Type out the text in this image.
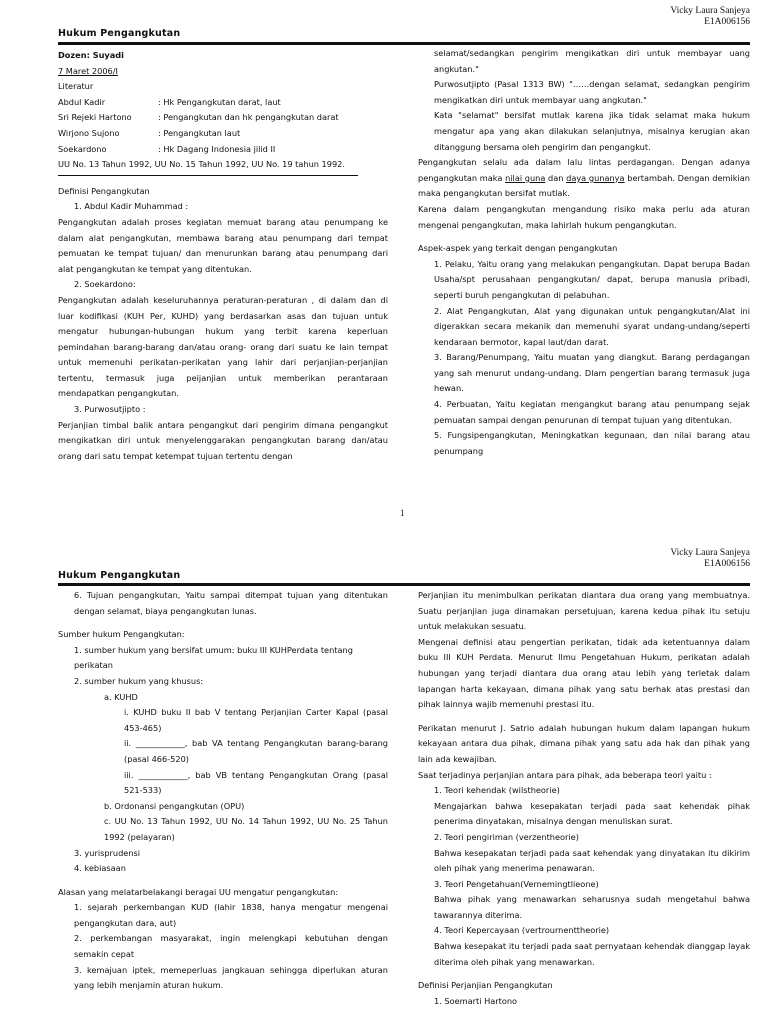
Vicky Laura Sanjeya
E1A006156
Hukum Pengangkutan

Dozen: Suyadi

7 Maret 2006/I

Literatur

Abdul Kadir	: Hk Pengangkutan darat, laut
Sri Rejeki Hartono	: Pengangkutan dan hk pengangkutan darat
Wirjono Sujono	: Pengangkutan laut
Soekardono	: Hk Dagang Indonesia jilid II

UU No. 13 Tahun 1992, UU No. 15 Tahun 1992, UU No. 19 tahun 1992.

Definisi Pengangkutan

1. Abdul Kadir Muhammad :

Pengangkutan adalah proses kegiatan memuat barang atau penumpang ke dalam alat pengangkutan, membawa barang atau penumpang dari tempat pemuatan ke tempat tujuan/ dan menurunkan barang atau penumpang dari alat pengangkutan ke tempat yang ditentukan.

2. Soekardono:

Pengangkutan adalah keseluruhannya peraturan-peraturan , di dalam dan di luar kodifikasi (KUH Per, KUHD) yang berdasarkan asas dan tujuan untuk mengatur hubungan-hubungan hukum yang terbit karena keperluan pemindahan barang-barang dan/atau orang- orang dari suatu ke lain tempat untuk memenuhi perikatan-perikatan yang lahir dari perjanjian-perjanjian tertentu, termasuk juga peijanjian untuk memberikan perantaraan mendapatkan pengangkutan.

3. Purwosutjipto :

Perjanjian timbal balik antara pengangkut dari pengirim dimana pengangkut mengikatkan diri untuk menyelenggarakan pengangkutan barang dan/atau orang dari satu tempat ketempat tujuan tertentu dengan

selamat/sedangkan pengirim mengikatkan diri untuk membayar uang angkutan."

Purwosutjipto (Pasal 1313 BW) "……dengan selamat, sedangkan pengirim mengikatkan diri untuk membayar uang angkutan."

Kata "selamat" bersifat mutlak karena jika tidak selamat maka hukum mengatur apa yang akan dilakukan selanjutnya, misalnya kerugian akan ditanggung bersama oleh pengirim dan pengangkut.

Pengangkutan selalu ada dalam lalu lintas perdagangan. Dengan adanya pengangkutan maka nilai guna dan daya gunanya bertambah. Dengan demikian maka pengangkutan bersifat mutlak.

Karena dalam pengangkutan mengandung risiko maka perlu ada aturan mengenai pengangkutan, maka lahirlah hukum pengangkutan.

Aspek-aspek yang terkait dengan pengangkutan

1. Pelaku, Yaitu orang yang melakukan pengangkutan. Dapat berupa Badan Usaha/spt perusahaan pengangkutan/ dapat, berupa manusia pribadi, seperti buruh pengangkutan di pelabuhan.

2. Alat Pengangkutan, Alat yang digunakan untuk pengangkutan/Alat ini digerakkan secara mekanik dan memenuhi syarat undang-undang/seperti kendaraan bermotor, kapal laut/dan darat.

3. Barang/Penumpang, Yaitu muatan yang diangkut. Barang perdagangan yang sah menurut undang-undang. Dlam pengertian barang termasuk juga hewan.

4. Perbuatan, Yaitu kegiatan mengangkut barang atau penumpang sejak pemuatan sampai dengan penurunan di tempat tujuan yang ditentukan.

5. Fungsipengangkutan, Meningkatkan kegunaan, dan nilai barang atau penumpang

1
Vicky Laura Sanjeya
E1A006156
Hukum Pengangkutan

6. Tujuan pengangkutan, Yaitu sampai ditempat tujuan yang ditentukan dengan selamat, biaya pengangkutan lunas.

Sumber hukum Pengangkutan:

1. sumber hukum yang bersifat umum: buku III KUHPerdata tentang perikatan

2. sumber hukum yang khusus:

a. KUHD

i. KUHD buku II bab V tentang Perjanjian Carter Kapal (pasal 453-465)

ii. ____________, bab VA tentang Pengangkutan barang-barang (pasal 466-520)

iii. ____________, bab VB tentang Pengangkutan Orang (pasal 521-533)

b. Ordonansi pengangkutan (OPU)

c. UU No. 13 Tahun 1992, UU No. 14 Tahun 1992, UU No. 25 Tahun 1992 (pelayaran)

3. yurisprudensi

4. kebiasaan

Alasan yang melatarbelakangi beragai UU mengatur pengangkutan:

1. sejarah perkembangan KUD (lahir 1838, hanya mengatur mengenai pengangkutan dara, aut)

2. perkembangan masyarakat, ingin melengkapi kebutuhan dengan semakin cepat

3. kemajuan iptek, memeperluas jangkauan sehingga diperlukan aturan yang lebih menjamin aturan hukum.

Perjanjian itu menimbulkan perikatan diantara dua orang yang membuatnya. Suatu perjanjian juga dinamakan persetujuan, karena kedua pihak itu setuju untuk melakukan sesuatu.

Mengenai definisi atau pengertian perikatan, tidak ada ketentuannya dalam buku III KUH Perdata. Menurut Ilmu Pengetahuan Hukum, perikatan adalah hubungan yang terjadi diantara dua orang atau lebih yang terletak dalam lapangan harta kekayaan, dimana pihak yang satu berhak atas prestasi dan pihak lainnya wajib memenuhi prestasi itu.

Perikatan menurut J. Satrio adalah hubungan hukum dalam lapangan hukum kekayaan antara dua pihak, dimana pihak yang satu ada hak dan pihak yang lain ada kewajiban.

Saat terjadinya perjanjian antara para pihak, ada beberapa teori yaitu :

1. Teori kehendak (wilstheorie)

Mengajarkan bahwa kesepakatan terjadi pada saat kehendak pihak penerima dinyatakan, misalnya dengan menuliskan surat.

2. Teori pengiriman (verzentheorie)

Bahwa kesepakatan terjadi pada saat kehendak yang dinyatakan itu dikirim oleh pihak yang menerima penawaran.

3. Teori Pengetahuan(Vernemingtlieone)

Bahwa pihak yang menawarkan seharusnya sudah mengetahui bahwa tawarannya diterima.

4. Teori Kepercayaan (vertrournenttheorie)

Bahwa kesepakat itu terjadi pada saat pernyataan kehendak dianggap layak diterima oleh pihak yang menawarkan.

Definisi Perjanjian Pengangkutan

1. Soemarti Hartono
